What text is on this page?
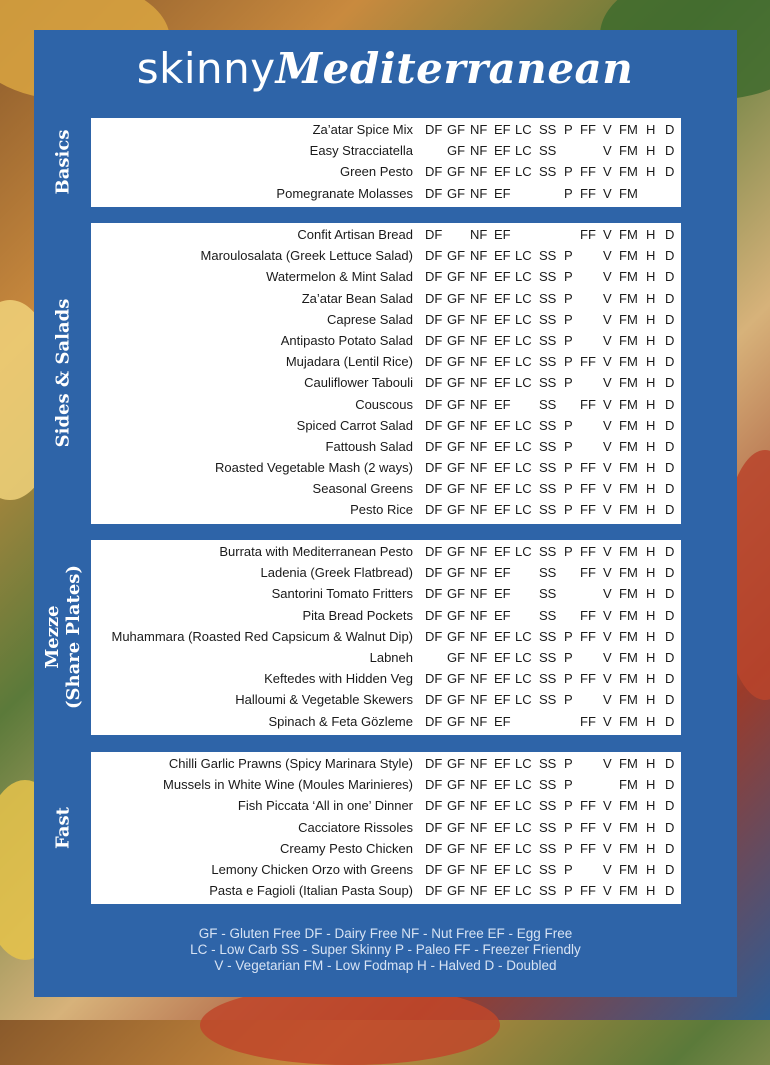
skinnyMediterranean
Za’atar Spice Mix DF GF NF EF LC SS P FF V FM H D
Easy Stracciatella	GF NF EF LC SS	V FM H D
Green Pesto DF GF NF EF LC SS P FF V FM H D
Pomegranate Molasses DF GF NF EF	P FF V FM
Basics
Confit Artisan Bread DF NF EF	FF V FM H D
Maroulosalata (Greek Lettuce Salad) DF GF NF EF LC SS P V FM H D
Watermelon & Mint Salad DF GF NF EF LC SS P V FM H D
Za’atar Bean Salad DF GF NF EF LC SS P V FM H D
Caprese Salad DF GF NF EF LC SS P V FM H D
Antipasto Potato Salad DF GF NF EF LC SS P V FM H D
Mujadara (Lentil Rice) DF GF NF EF LC SS P FF V FM H D
Cauliflower Tabouli DF GF NF EF LC SS P V FM H D
Couscous DF GF NF EF SS FF V FM H D
Spiced Carrot Salad DF GF NF EF LC SS P V FM H D
Fattoush Salad DF GF NF EF LC SS P V FM H D
Roasted Vegetable Mash (2 ways) DF GF NF EF LC SS P FF V FM H D
Seasonal Greens DF GF NF EF LC SS P FF V FM H D
Pesto Rice DF GF NF EF LC SS P FF V FM H D
Sides & Salads
Burrata with Mediterranean Pesto DF GF NF EF LC SS P FF V FM H D
Ladenia (Greek Flatbread) DF GF NF EF SS FF V FM H D
Santorini Tomato Fritters DF GF NF EF SS	V FM H D
Pita Bread Pockets DF GF NF EF SS FF V FM H D
Muhammara (Roasted Red Capsicum & Walnut Dip) DF GF NF EF LC SS P FF V FM H D
Labneh	GF NF EF LC SS P V FM H D
Keftedes with Hidden Veg DF GF NF EF LC SS P FF V FM H D
Halloumi & Vegetable Skewers DF GF NF EF LC SS P V FM H D
Spinach & Feta Gözleme DF GF NF EF	FF V FM H D
Mezze (Share Plates)
Chilli Garlic Prawns (Spicy Marinara Style) DF GF NF EF LC SS P V FM H D
Mussels in White Wine (Moules Marinieres) DF GF NF EF LC SS P	FM H D
Fish Piccata ‘All in one’ Dinner DF GF NF EF LC SS P FF V FM H D
Cacciatore Rissoles DF GF NF EF LC SS P FF V FM H D
Creamy Pesto Chicken DF GF NF EF LC SS P FF V FM H D
Lemony Chicken Orzo with Greens DF GF NF EF LC SS P V FM H D
Pasta e Fagioli (Italian Pasta Soup) DF GF NF EF LC SS P FF V FM H D
Fast
GF - Gluten Free DF - Dairy Free NF - Nut Free EF - Egg Free
LC - Low Carb SS - Super Skinny P - Paleo FF - Freezer Friendly
V - Vegetarian FM - Low Fodmap H - Halved D - Doubled
